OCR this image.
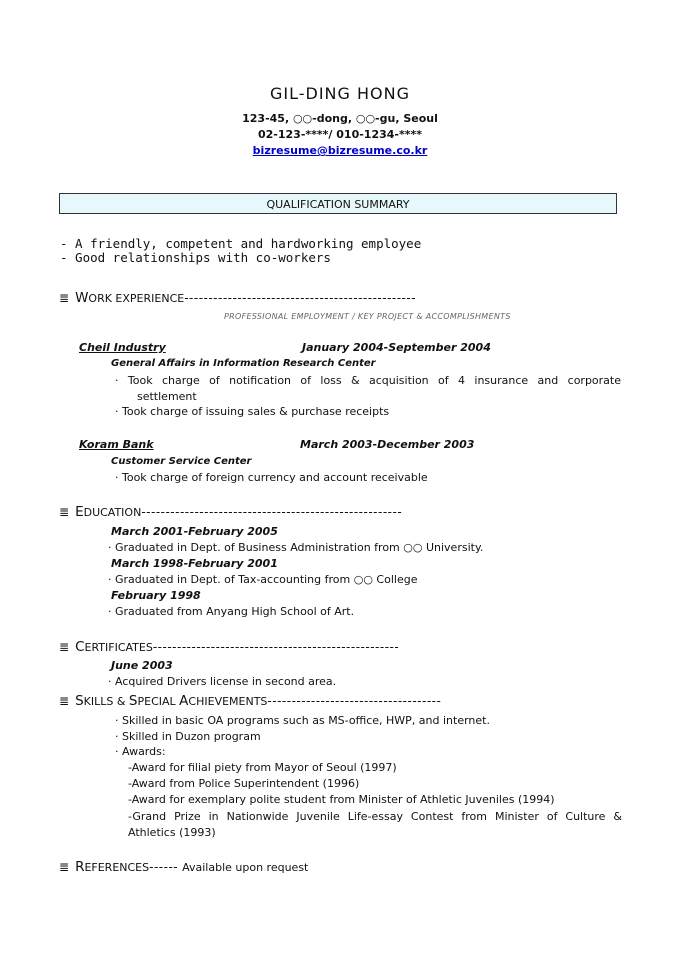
GIL-DING HONG
123-45, ○○-dong, ○○-gu, Seoul
02-123-****/ 010-1234-****
bizresume@bizresume.co.kr
QUALIFICATION SUMMARY
- A friendly, competent and hardworking employee
- Good relationships with co-workers
≣ WORK EXPERIENCE------------------------------------------------
PROFESSIONAL EMPLOYMENT / KEY PROJECT & ACCOMPLISHMENTS
Cheil Industry	January 2004-September 2004
General Affairs in Information Research Center
· Took charge of notification of loss & acquisition of 4 insurance and corporate
settlement
· Took charge of issuing sales & purchase receipts
Koram Bank	March 2003-December 2003
Customer Service Center
· Took charge of foreign currency and account receivable
≣ EDUCATION------------------------------------------------------
March 2001-February 2005
· Graduated in Dept. of Business Administration from ○○ University.
March 1998-February 2001
· Graduated in Dept. of Tax-accounting from ○○ College
February 1998
· Graduated from Anyang High School of Art.
≣ CERTIFICATES---------------------------------------------------
June 2003
· Acquired Drivers license in second area.
≣ SKILLS & SPECIAL ACHIEVEMENTS------------------------------------
· Skilled in basic OA programs such as MS-office, HWP, and internet.
· Skilled in Duzon program
· Awards:
-Award for filial piety from Mayor of Seoul (1997)
-Award from Police Superintendent (1996)
-Award for exemplary polite student from Minister of Athletic Juveniles (1994)
-Grand Prize in Nationwide Juvenile Life-essay Contest from Minister of Culture & Athletics (1993)
≣ REFERENCES------ Available upon request
